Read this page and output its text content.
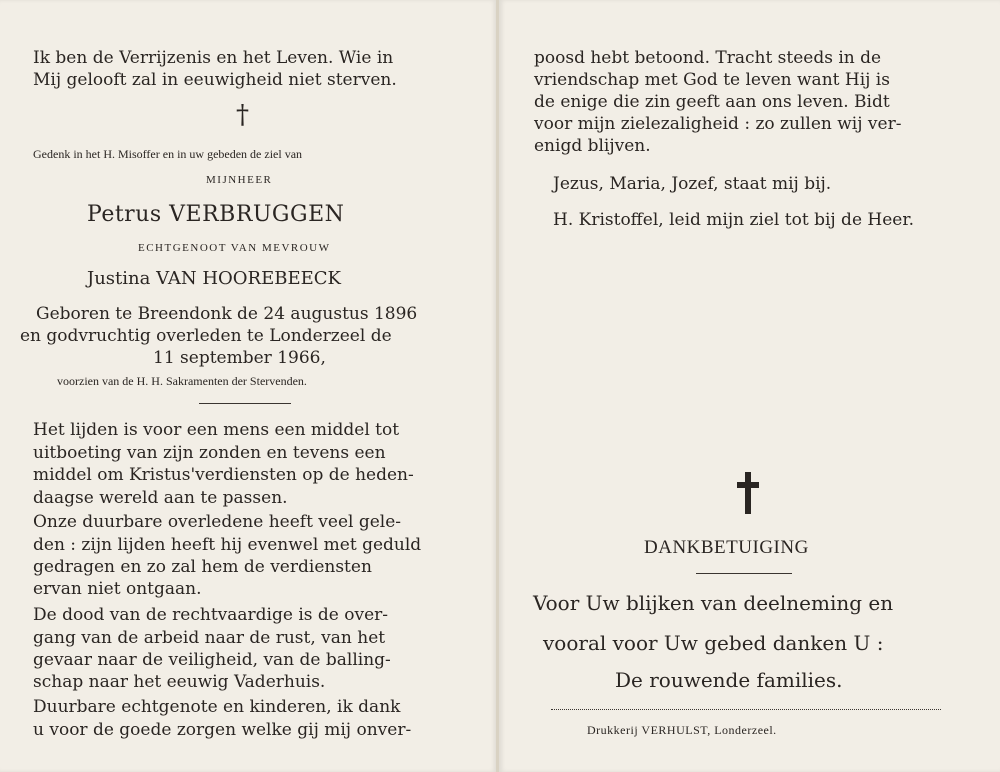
Ik ben de Verrijzenis en het Leven. Wie in
Mij gelooft zal in eeuwigheid niet sterven.
†
Gedenk in het H. Misoffer en in uw gebeden de ziel van
MIJNHEER
Petrus VERBRUGGEN
ECHTGENOOT VAN MEVROUW
Justina VAN HOOREBEECK
Geboren te Breendonk de 24 augustus 1896
en godvruchtig overleden te Londerzeel de
11 september 1966,
voorzien van de H. H. Sakramenten der Stervenden.
Het lijden is voor een mens een middel tot
uitboeting van zijn zonden en tevens een
middel om Kristus'verdiensten op de heden-
daagse wereld aan te passen.
Onze duurbare overledene heeft veel gele-
den : zijn lijden heeft hij evenwel met geduld
gedragen en zo zal hem de verdiensten
ervan niet ontgaan.
De dood van de rechtvaardige is de over-
gang van de arbeid naar de rust, van het
gevaar naar de veiligheid, van de balling-
schap naar het eeuwig Vaderhuis.
Duurbare echtgenote en kinderen, ik dank
u voor de goede zorgen welke gij mij onver-
poosd hebt betoond. Tracht steeds in de
vriendschap met God te leven want Hij is
de enige die zin geeft aan ons leven. Bidt
voor mijn zielezaligheid : zo zullen wij ver-
enigd blijven.
Jezus, Maria, Jozef, staat mij bij.
H. Kristoffel, leid mijn ziel tot bij de Heer.
DANKBETUIGING
Voor Uw blijken van deelneming en
vooral voor Uw gebed danken U :
De rouwende families.
Drukkerij VERHULST, Londerzeel.
